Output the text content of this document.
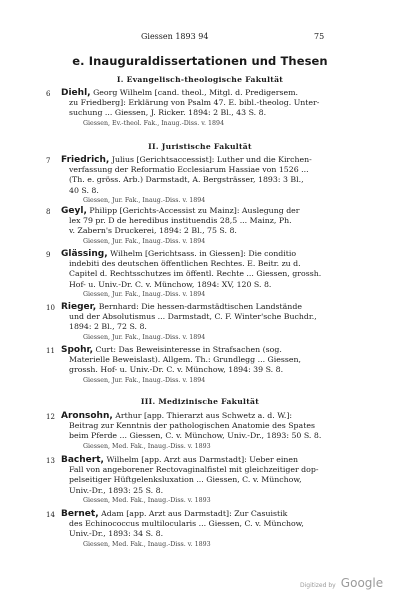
Giessen 1893 94	75
e. Inauguraldissertationen und Thesen
I. Evangelisch-theologische Fakultät
6	Diehl, Georg Wilhelm [cand. theol., Mitgl. d. Predigersem.
zu Friedberg]: Erklärung von Psalm 47. E. bibl.-theolog. Unter-
suchung ... Giessen, J. Ricker. 1894: 2 Bl., 43 S. 8.
Giessen, Ev.-theol. Fak., Inaug.-Diss. v. 1894
II. Juristische Fakultät
7	Friedrich, Julius [Gerichtsaccessist]: Luther und die Kirchen-
verfassung der Reformatio Ecclesiarum Hassiae von 1526 ...
(Th. e. gröss. Arb.) Darmstadt, A. Bergsträsser, 1893: 3 Bl.,
40 S. 8.
Giessen, Jur. Fak., Inaug.-Diss. v. 1894
8	Geyl, Philipp [Gerichts-Accessist zu Mainz]: Auslegung der
lex 79 pr. D de heredibus instituendis 28,5 ... Mainz, Ph.
v. Zabern's Druckerei, 1894: 2 Bl., 75 S. 8.
Giessen, Jur. Fak., Inaug.-Diss. v. 1894
9	Glässing, Wilhelm [Gerichtsass. in Giessen]: Die conditio
indebiti des deutschen öffentlichen Rechtes. E. Beitr. zu d.
Capitel d. Rechtsschutzes im öffentl. Rechte ... Giessen, grossh.
Hof- u. Univ.-Dr. C. v. Münchow, 1894: XV, 120 S. 8.
Giessen, Jur. Fak., Inaug.-Diss. v. 1894
10 Rieger, Bernhard: Die hessen-darmstädtischen Landstände
und der Absolutismus ... Darmstadt, C. F. Winter'sche Buchdr.,
1894: 2 Bl., 72 S. 8.
Giessen, Jur. Fak., Inaug.-Diss. v. 1894
11 Spohr, Curt: Das Beweisinteresse in Strafsachen (sog.
Materielle Beweislast). Allgem. Th.: Grundlegg ... Giessen,
grossh. Hof- u. Univ.-Dr. C. v. Münchow, 1894: 39 S. 8.
Giessen, Jur. Fak., Inaug.-Diss. v. 1894
III. Medizinische Fakultät
12 Aronsohn, Arthur [app. Thierarzt aus Schwetz a. d. W.]:
Beitrag zur Kenntnis der pathologischen Anatomie des Spates
beim Pferde ... Giessen, C. v. Münchow, Univ.-Dr., 1893: 50 S. 8.
Giessen, Med. Fak., Inaug.-Diss. v. 1893
13 Bachert, Wilhelm [app. Arzt aus Darmstadt]: Ueber einen
Fall von angeborener Rectovaginalfistel mit gleichzeitiger dop-
pelseitiger Hüftgelenksluxation ... Giessen, C. v. Münchow,
Univ.-Dr., 1893: 25 S. 8.
Giessen, Med. Fak., Inaug.-Diss. v. 1893
14 Bernet, Adam [app. Arzt aus Darmstadt]: Zur Casuistik
des Echinococcus multilocularis ... Giessen, C. v. Münchow,
Univ.-Dr., 1893: 34 S. 8.
Giessen, Med. Fak., Inaug.-Diss. v. 1893
Digitized by Google
